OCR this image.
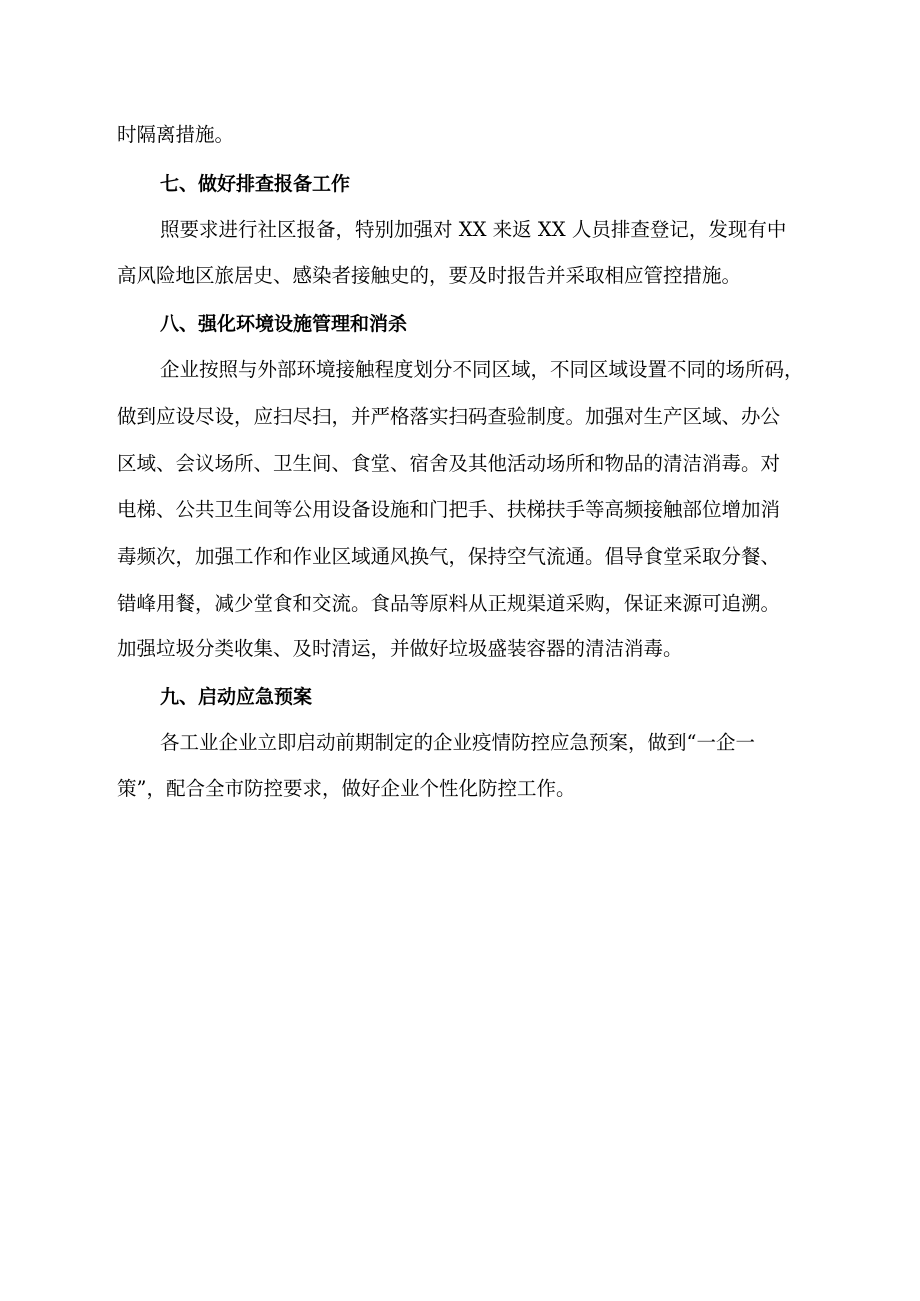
时隔离措施。

七、做好排查报备工作

照要求进行社区报备，特别加强对 XX 来返 XX 人员排查登记，发现有中

高风险地区旅居史、感染者接触史的，要及时报告并采取相应管控措施。

八、强化环境设施管理和消杀

企业按照与外部环境接触程度划分不同区域，不同区域设置不同的场所码，

做到应设尽设，应扫尽扫，并严格落实扫码查验制度。加强对生产区域、办公

区域、会议场所、卫生间、食堂、宿舍及其他活动场所和物品的清洁消毒。对

电梯、公共卫生间等公用设备设施和门把手、扶梯扶手等高频接触部位增加消

毒频次，加强工作和作业区域通风换气，保持空气流通。倡导食堂采取分餐、

错峰用餐，减少堂食和交流。食品等原料从正规渠道采购，保证来源可追溯。

加强垃圾分类收集、及时清运，并做好垃圾盛装容器的清洁消毒。

九、启动应急预案

各工业企业立即启动前期制定的企业疫情防控应急预案，做到“一企一

策”，配合全市防控要求，做好企业个性化防控工作。
